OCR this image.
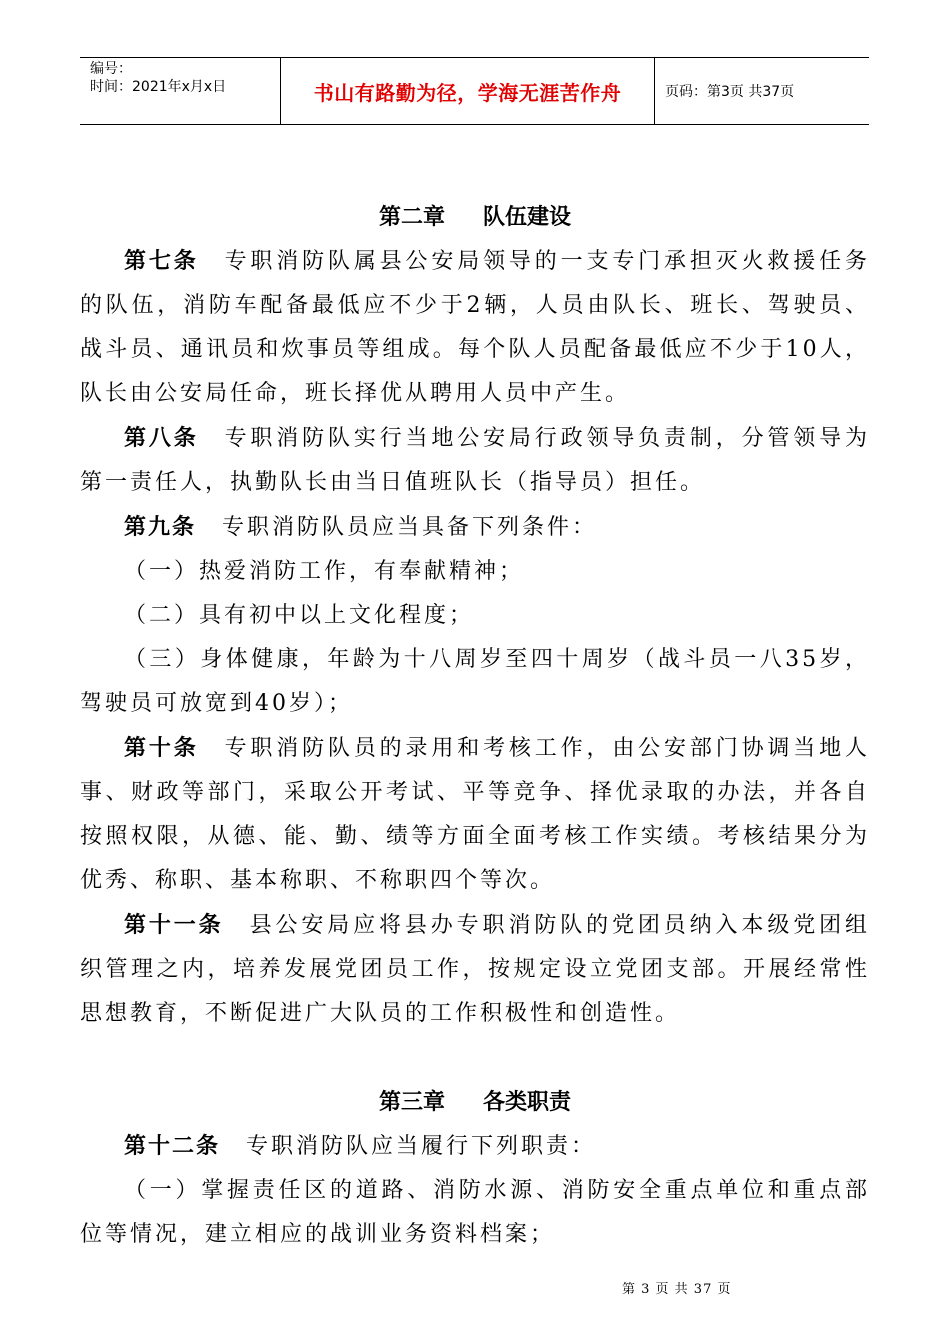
编号：
时间：2021年x月x日	书山有路勤为径，学海无涯苦作舟	页码：第3页 共37页
第二章 队伍建设

第七条 专职消防队属县公安局领导的一支专门承担灭火救援任务的队伍，消防车配备最低应不少于2辆，人员由队长、班长、驾驶员、战斗员、通讯员和炊事员等组成。每个队人员配备最低应不少于10人，队长由公安局任命，班长择优从聘用人员中产生。

第八条 专职消防队实行当地公安局行政领导负责制，分管领导为第一责任人，执勤队长由当日值班队长（指导员）担任。

第九条 专职消防队员应当具备下列条件：

（一）热爱消防工作，有奉献精神；

（二）具有初中以上文化程度；

（三）身体健康，年龄为十八周岁至四十周岁（战斗员一八35岁，驾驶员可放宽到40岁）；

第十条 专职消防队员的录用和考核工作，由公安部门协调当地人事、财政等部门，采取公开考试、平等竞争、择优录取的办法，并各自按照权限，从德、能、勤、绩等方面全面考核工作实绩。考核结果分为优秀、称职、基本称职、不称职四个等次。

第十一条 县公安局应将县办专职消防队的党团员纳入本级党团组织管理之内，培养发展党团员工作，按规定设立党团支部。开展经常性思想教育，不断促进广大队员的工作积极性和创造性。

第三章 各类职责

第十二条 专职消防队应当履行下列职责：

（一）掌握责任区的道路、消防水源、消防安全重点单位和重点部位等情况，建立相应的战训业务资料档案；

第 3 页 共 37 页
